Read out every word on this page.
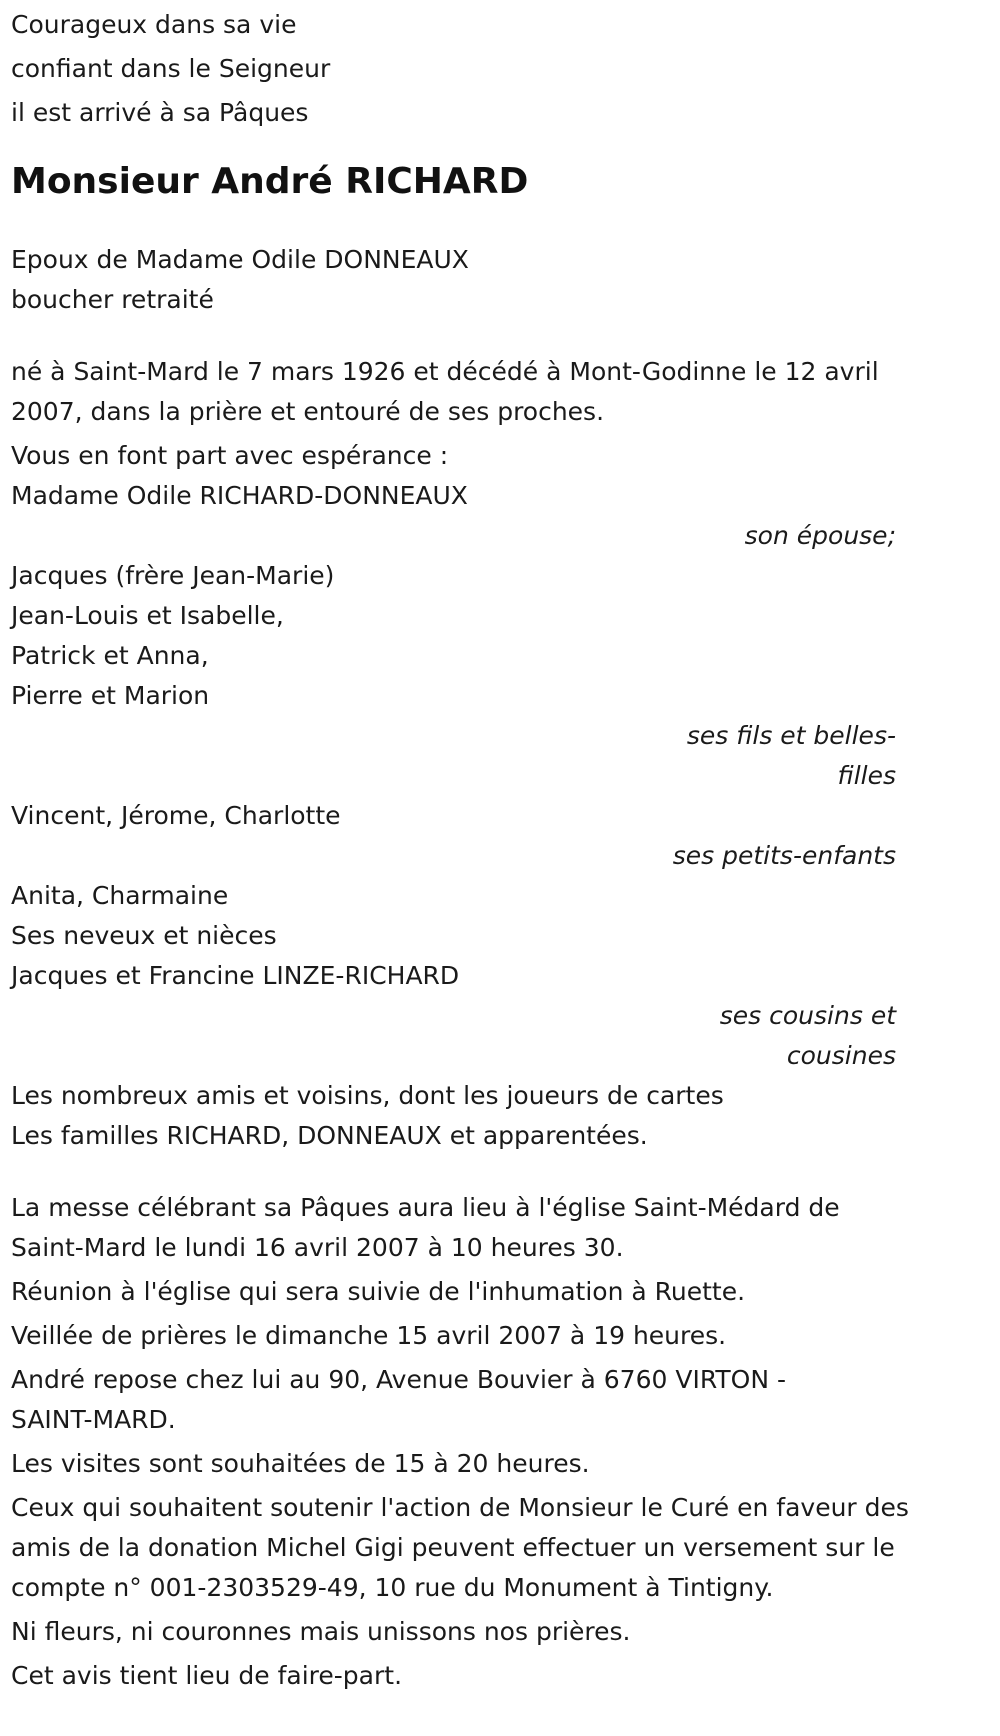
Courageux dans sa vie

confiant dans le Seigneur

il est arrivé à sa Pâques

Monsieur André RICHARD

Epoux de Madame Odile DONNEAUX

boucher retraité

né à Saint-Mard le 7 mars 1926 et décédé à Mont-Godinne le 12 avril

2007, dans la prière et entouré de ses proches.

Vous en font part avec espérance :

Madame Odile RICHARD-DONNEAUX

son épouse;

Jacques (frère Jean-Marie)

Jean-Louis et Isabelle,

Patrick et Anna,

Pierre et Marion

ses fils et belles-

filles

Vincent, Jérome, Charlotte

ses petits-enfants

Anita, Charmaine

Ses neveux et nièces

Jacques et Francine LINZE-RICHARD

ses cousins et

cousines

Les nombreux amis et voisins, dont les joueurs de cartes

Les familles RICHARD, DONNEAUX et apparentées.

La messe célébrant sa Pâques aura lieu à l'église Saint-Médard de

Saint-Mard le lundi 16 avril 2007 à 10 heures 30.

Réunion à l'église qui sera suivie de l'inhumation à Ruette.

Veillée de prières le dimanche 15 avril 2007 à 19 heures.

André repose chez lui au 90, Avenue Bouvier à 6760 VIRTON -

SAINT-MARD.

Les visites sont souhaitées de 15 à 20 heures.

Ceux qui souhaitent soutenir l'action de Monsieur le Curé en faveur des

amis de la donation Michel Gigi peuvent effectuer un versement sur le

compte n° 001-2303529-49, 10 rue du Monument à Tintigny.

Ni fleurs, ni couronnes mais unissons nos prières.

Cet avis tient lieu de faire-part.
